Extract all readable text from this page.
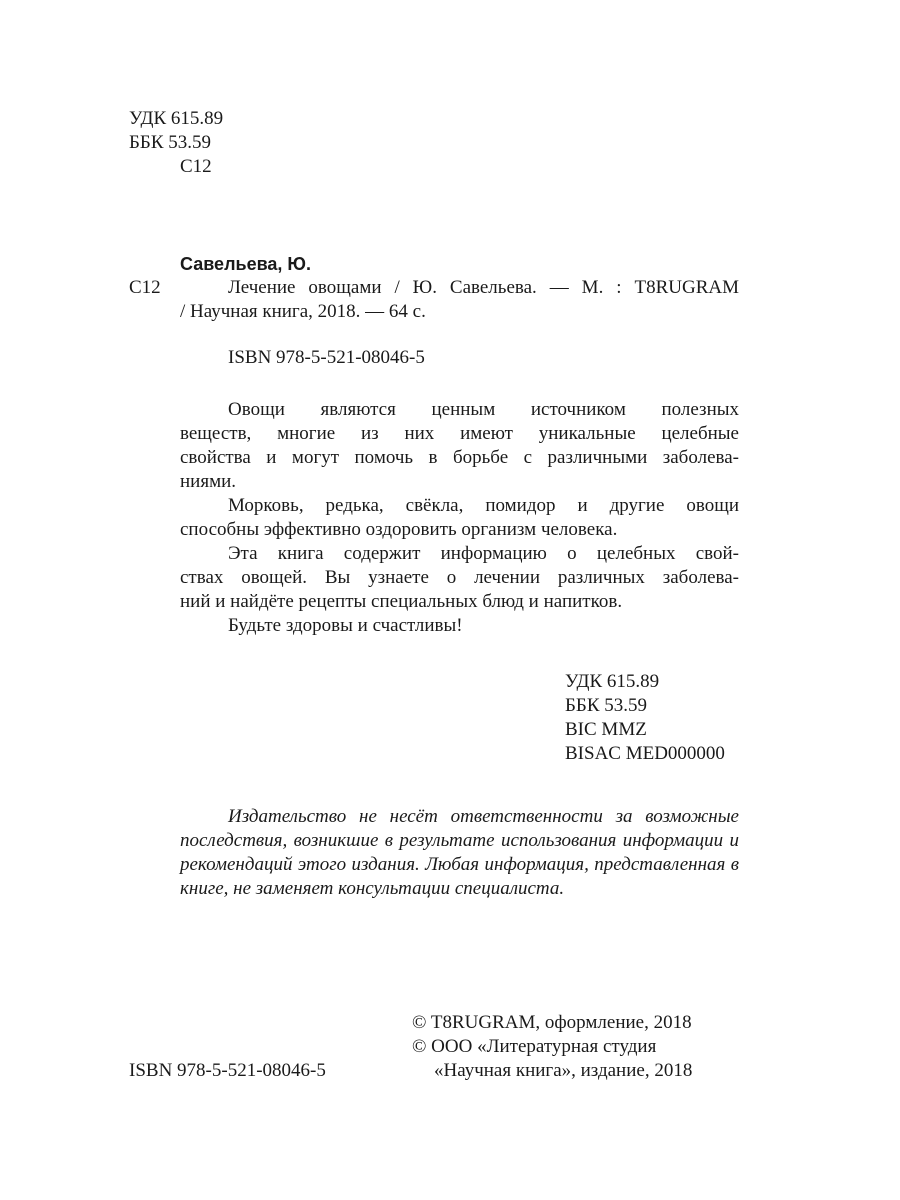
УДК 615.89
ББК 53.59
С12
Савельева, Ю.
С12	Лечение овощами / Ю. Савельева. — М. : T8RUGRAM
/ Научная книга, 2018. — 64 с.
ISBN 978-5-521-08046-5
Овощи являются ценным источником полезных
веществ, многие из них имеют уникальные целебные
свойства и могут помочь в борьбе с различными заболева-
ниями.
Морковь, редька, свёкла, помидор и другие овощи
способны эффективно оздоровить организм человека.
Эта книга содержит информацию о целебных свой-
ствах овощей. Вы узнаете о лечении различных заболева-
ний и найдёте рецепты специальных блюд и напитков.
Будьте здоровы и счастливы!
УДК 615.89
ББК 53.59
BIC MMZ
BISAC MED000000
Издательство не несёт ответственности за возможные
последствия, возникшие в результате использования информации и
рекомендаций этого издания. Любая информация, представленная в
книге, не заменяет консультации специалиста.
ISBN 978-5-521-08046-5
© T8RUGRAM, оформление, 2018
© ООО «Литературная студия
«Научная книга», издание, 2018
